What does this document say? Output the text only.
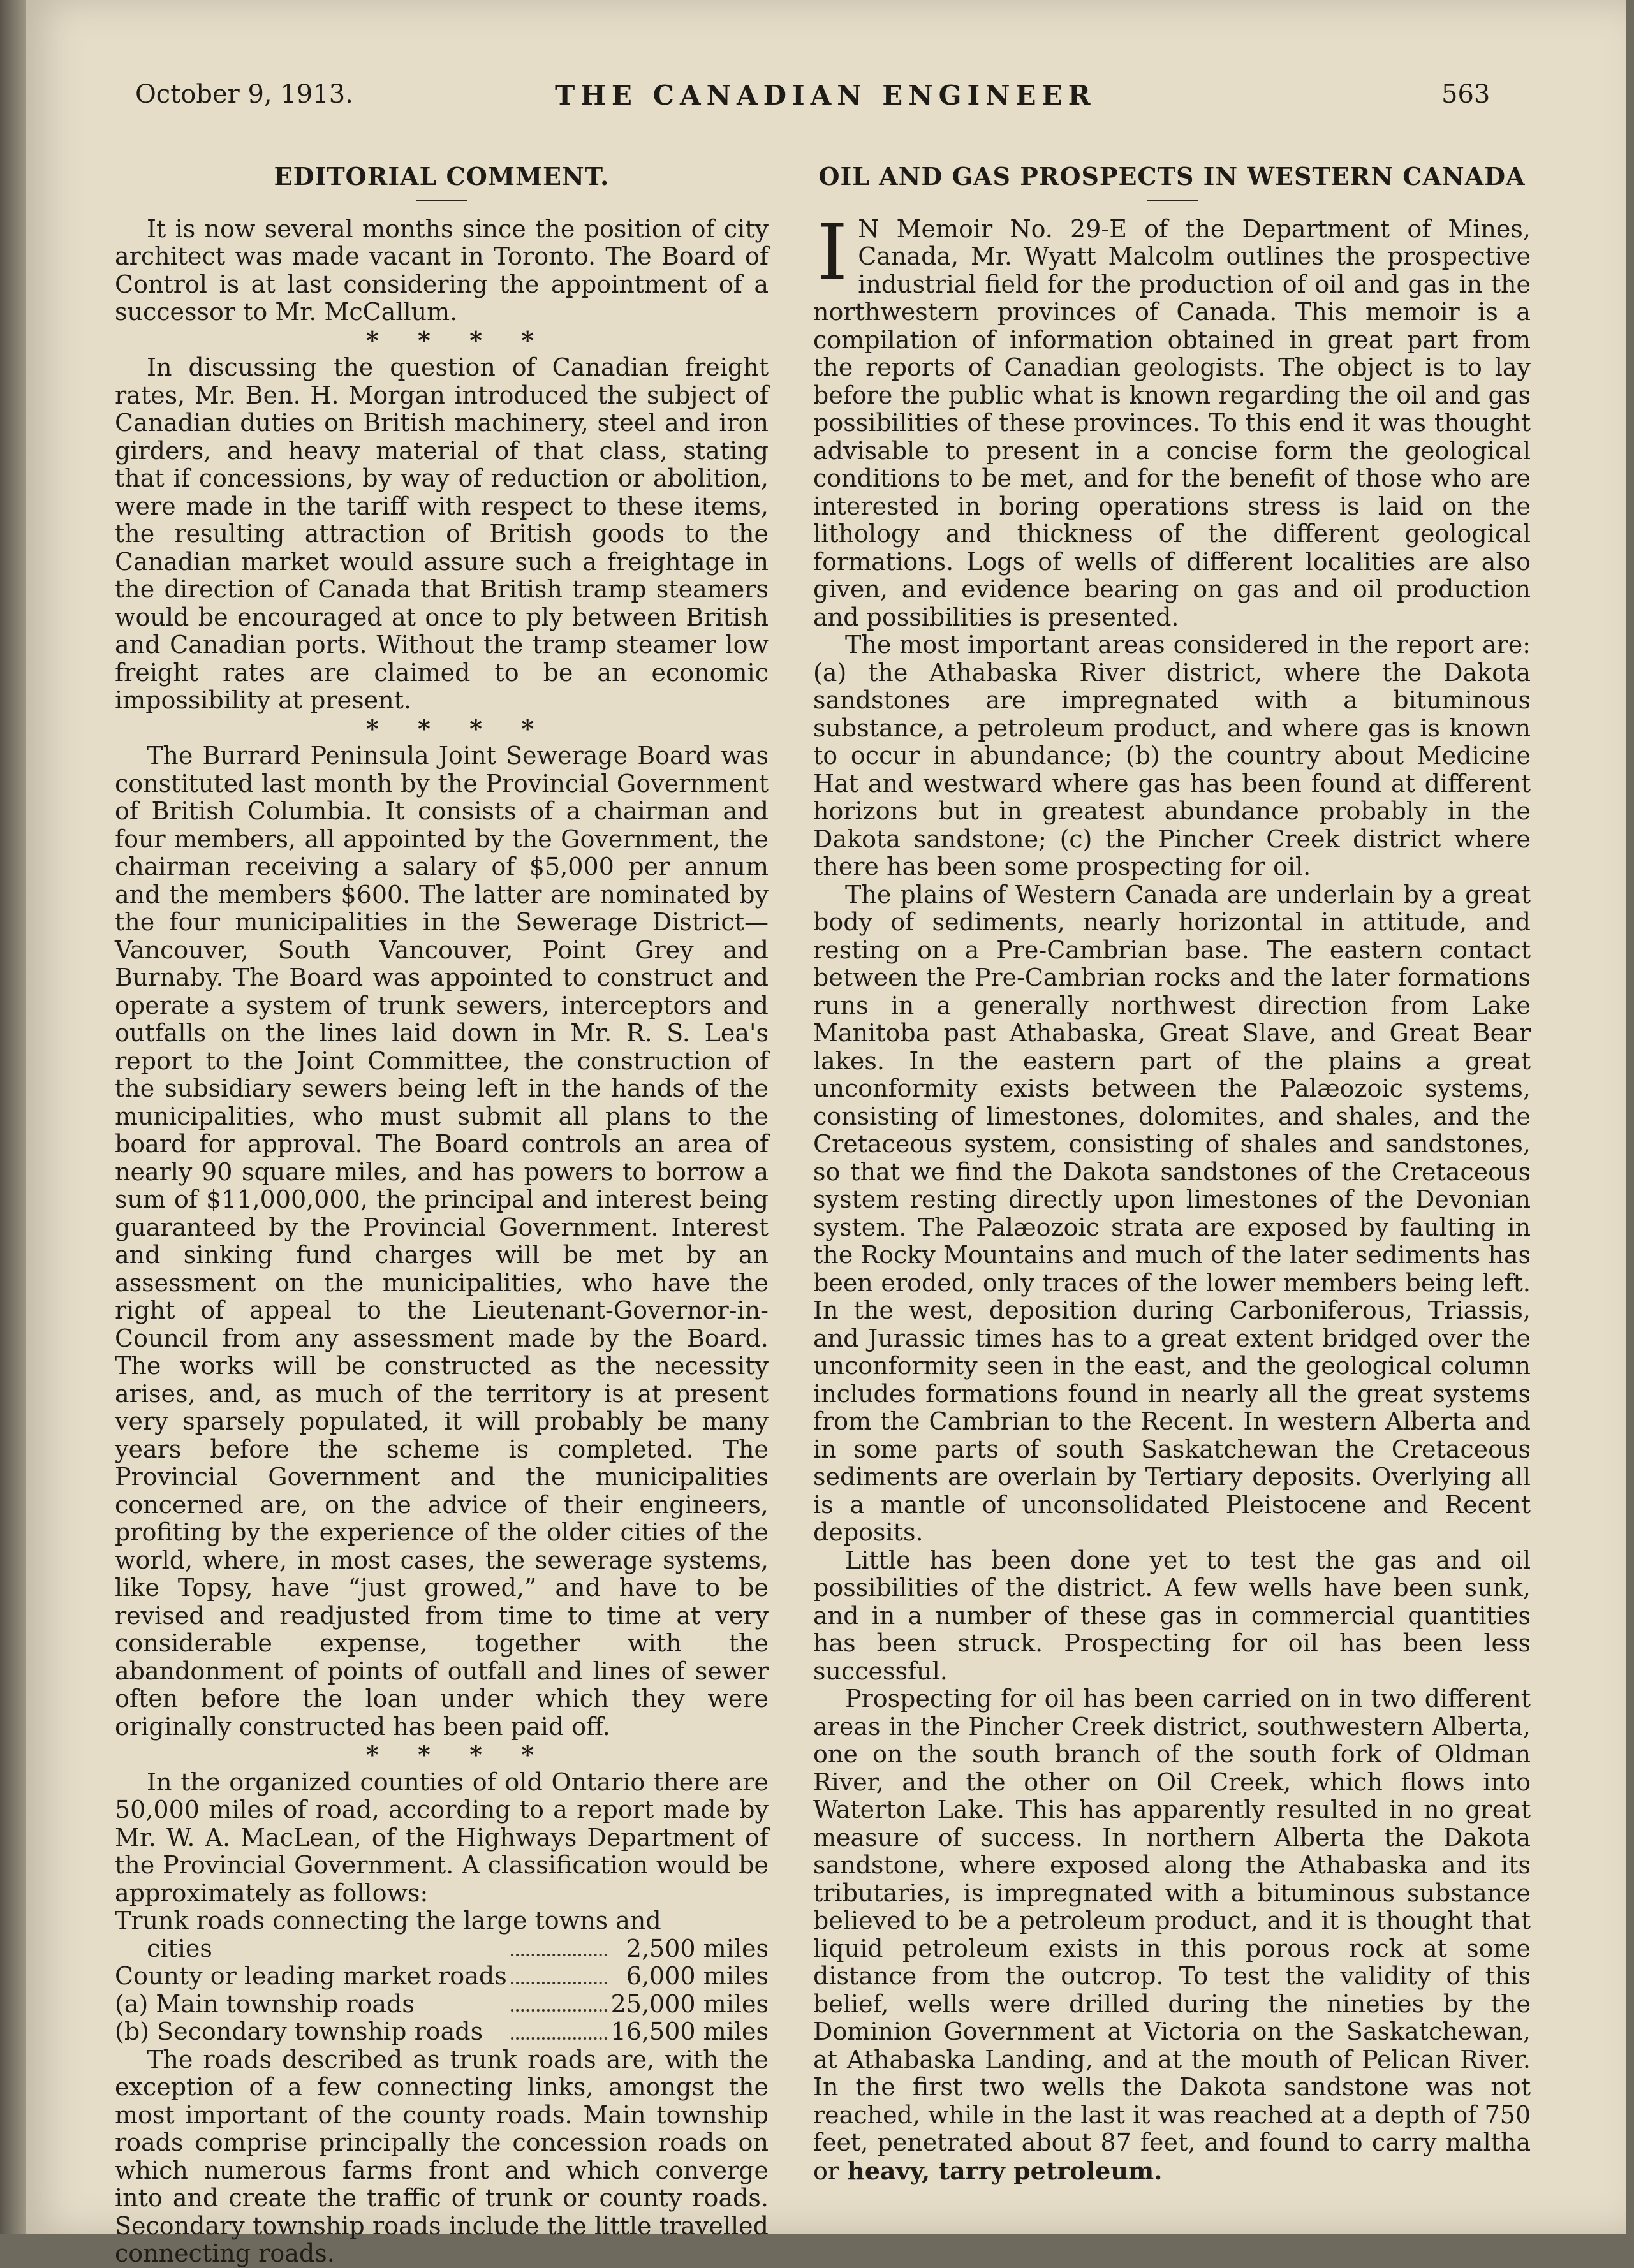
October 9, 1913.	THE CANADIAN ENGINEER	563
EDITORIAL COMMENT.

It is now several months since the position of city architect was made vacant in Toronto. The Board of Control is at last considering the appointment of a successor to Mr. McCallum.

* * * *

In discussing the question of Canadian freight rates, Mr. Ben. H. Morgan introduced the subject of Canadian duties on British machinery, steel and iron girders, and heavy material of that class, stating that if concessions, by way of reduction or abolition, were made in the tariff with respect to these items, the resulting attraction of British goods to the Canadian market would assure such a freightage in the direction of Canada that British tramp steamers would be encouraged at once to ply between British and Canadian ports. Without the tramp steamer low freight rates are claimed to be an economic impossibility at present.

* * * *

The Burrard Peninsula Joint Sewerage Board was constituted last month by the Provincial Government of British Columbia. It consists of a chairman and four members, all appointed by the Government, the chairman receiving a salary of $5,000 per annum and the members $600. The latter are nominated by the four municipalities in the Sewerage District—Vancouver, South Vancouver, Point Grey and Burnaby. The Board was appointed to construct and operate a system of trunk sewers, interceptors and outfalls on the lines laid down in Mr. R. S. Lea's report to the Joint Committee, the construction of the subsidiary sewers being left in the hands of the municipalities, who must submit all plans to the board for approval. The Board controls an area of nearly 90 square miles, and has powers to borrow a sum of $11,000,000, the principal and interest being guaranteed by the Provincial Government. Interest and sinking fund charges will be met by an assessment on the municipalities, who have the right of appeal to the Lieutenant-Governor-in-Council from any assessment made by the Board. The works will be constructed as the necessity arises, and, as much of the territory is at present very sparsely populated, it will probably be many years before the scheme is completed. The Provincial Government and the municipalities concerned are, on the advice of their engineers, profiting by the experience of the older cities of the world, where, in most cases, the sewerage systems, like Topsy, have “just growed,” and have to be revised and readjusted from time to time at very considerable expense, together with the abandonment of points of outfall and lines of sewer often before the loan under which they were originally constructed has been paid off.

* * * *

In the organized counties of old Ontario there are 50,000 miles of road, according to a report made by Mr. W. A. MacLean, of the Highways Department of the Provincial Government. A classification would be approximately as follows:

Trunk roads connecting the large towns and		
cities		2,500 miles
County or leading market roads		6,000 miles
(a) Main township roads		25,000 miles
(b) Secondary township roads		16,500 miles

The roads described as trunk roads are, with the exception of a few connecting links, amongst the most important of the county roads. Main township roads comprise principally the concession roads on which numerous farms front and which converge into and create the traffic of trunk or county roads. Secondary township roads include the little travelled connecting roads.

OIL AND GAS PROSPECTS IN WESTERN CANADA

I N Memoir No. 29-E of the Department of Mines, Canada, Mr. Wyatt Malcolm outlines the prospective industrial field for the production of oil and gas in the northwestern provinces of Canada. This memoir is a compilation of information obtained in great part from the reports of Canadian geologists. The object is to lay before the public what is known regarding the oil and gas possibilities of these provinces. To this end it was thought advisable to present in a concise form the geological conditions to be met, and for the benefit of those who are interested in boring operations stress is laid on the lithology and thickness of the different geological formations. Logs of wells of different localities are also given, and evidence bearing on gas and oil production and possibilities is presented.

The most important areas considered in the report are: (a) the Athabaska River district, where the Dakota sandstones are impregnated with a bituminous substance, a petroleum product, and where gas is known to occur in abundance; (b) the country about Medicine Hat and westward where gas has been found at different horizons but in greatest abundance probably in the Dakota sandstone; (c) the Pincher Creek district where there has been some prospecting for oil.

The plains of Western Canada are underlain by a great body of sediments, nearly horizontal in attitude, and resting on a Pre-Cambrian base. The eastern contact between the Pre-Cambrian rocks and the later formations runs in a generally northwest direction from Lake Manitoba past Athabaska, Great Slave, and Great Bear lakes. In the eastern part of the plains a great unconformity exists between the Palæozoic systems, consisting of limestones, dolomites, and shales, and the Cretaceous system, consisting of shales and sandstones, so that we find the Dakota sandstones of the Cretaceous system resting directly upon limestones of the Devonian system. The Palæozoic strata are exposed by faulting in the Rocky Mountains and much of the later sediments has been eroded, only traces of the lower members being left. In the west, deposition during Carboniferous, Triassis, and Jurassic times has to a great extent bridged over the unconformity seen in the east, and the geological column includes formations found in nearly all the great systems from the Cambrian to the Recent. In western Alberta and in some parts of south Saskatchewan the Cretaceous sediments are overlain by Tertiary deposits. Overlying all is a mantle of unconsolidated Pleistocene and Recent deposits.

Little has been done yet to test the gas and oil possibilities of the district. A few wells have been sunk, and in a number of these gas in commercial quantities has been struck. Prospecting for oil has been less successful.

Prospecting for oil has been carried on in two different areas in the Pincher Creek district, southwestern Alberta, one on the south branch of the south fork of Oldman River, and the other on Oil Creek, which flows into Waterton Lake. This has apparently resulted in no great measure of success. In northern Alberta the Dakota sandstone, where exposed along the Athabaska and its tributaries, is impregnated with a bituminous substance believed to be a petroleum product, and it is thought that liquid petroleum exists in this porous rock at some distance from the outcrop. To test the validity of this belief, wells were drilled during the nineties by the Dominion Government at Victoria on the Saskatchewan, at Athabaska Landing, and at the mouth of Pelican River. In the first two wells the Dakota sandstone was not reached, while in the last it was reached at a depth of 750 feet, penetrated about 87 feet, and found to carry maltha or heavy, tarry petroleum.
